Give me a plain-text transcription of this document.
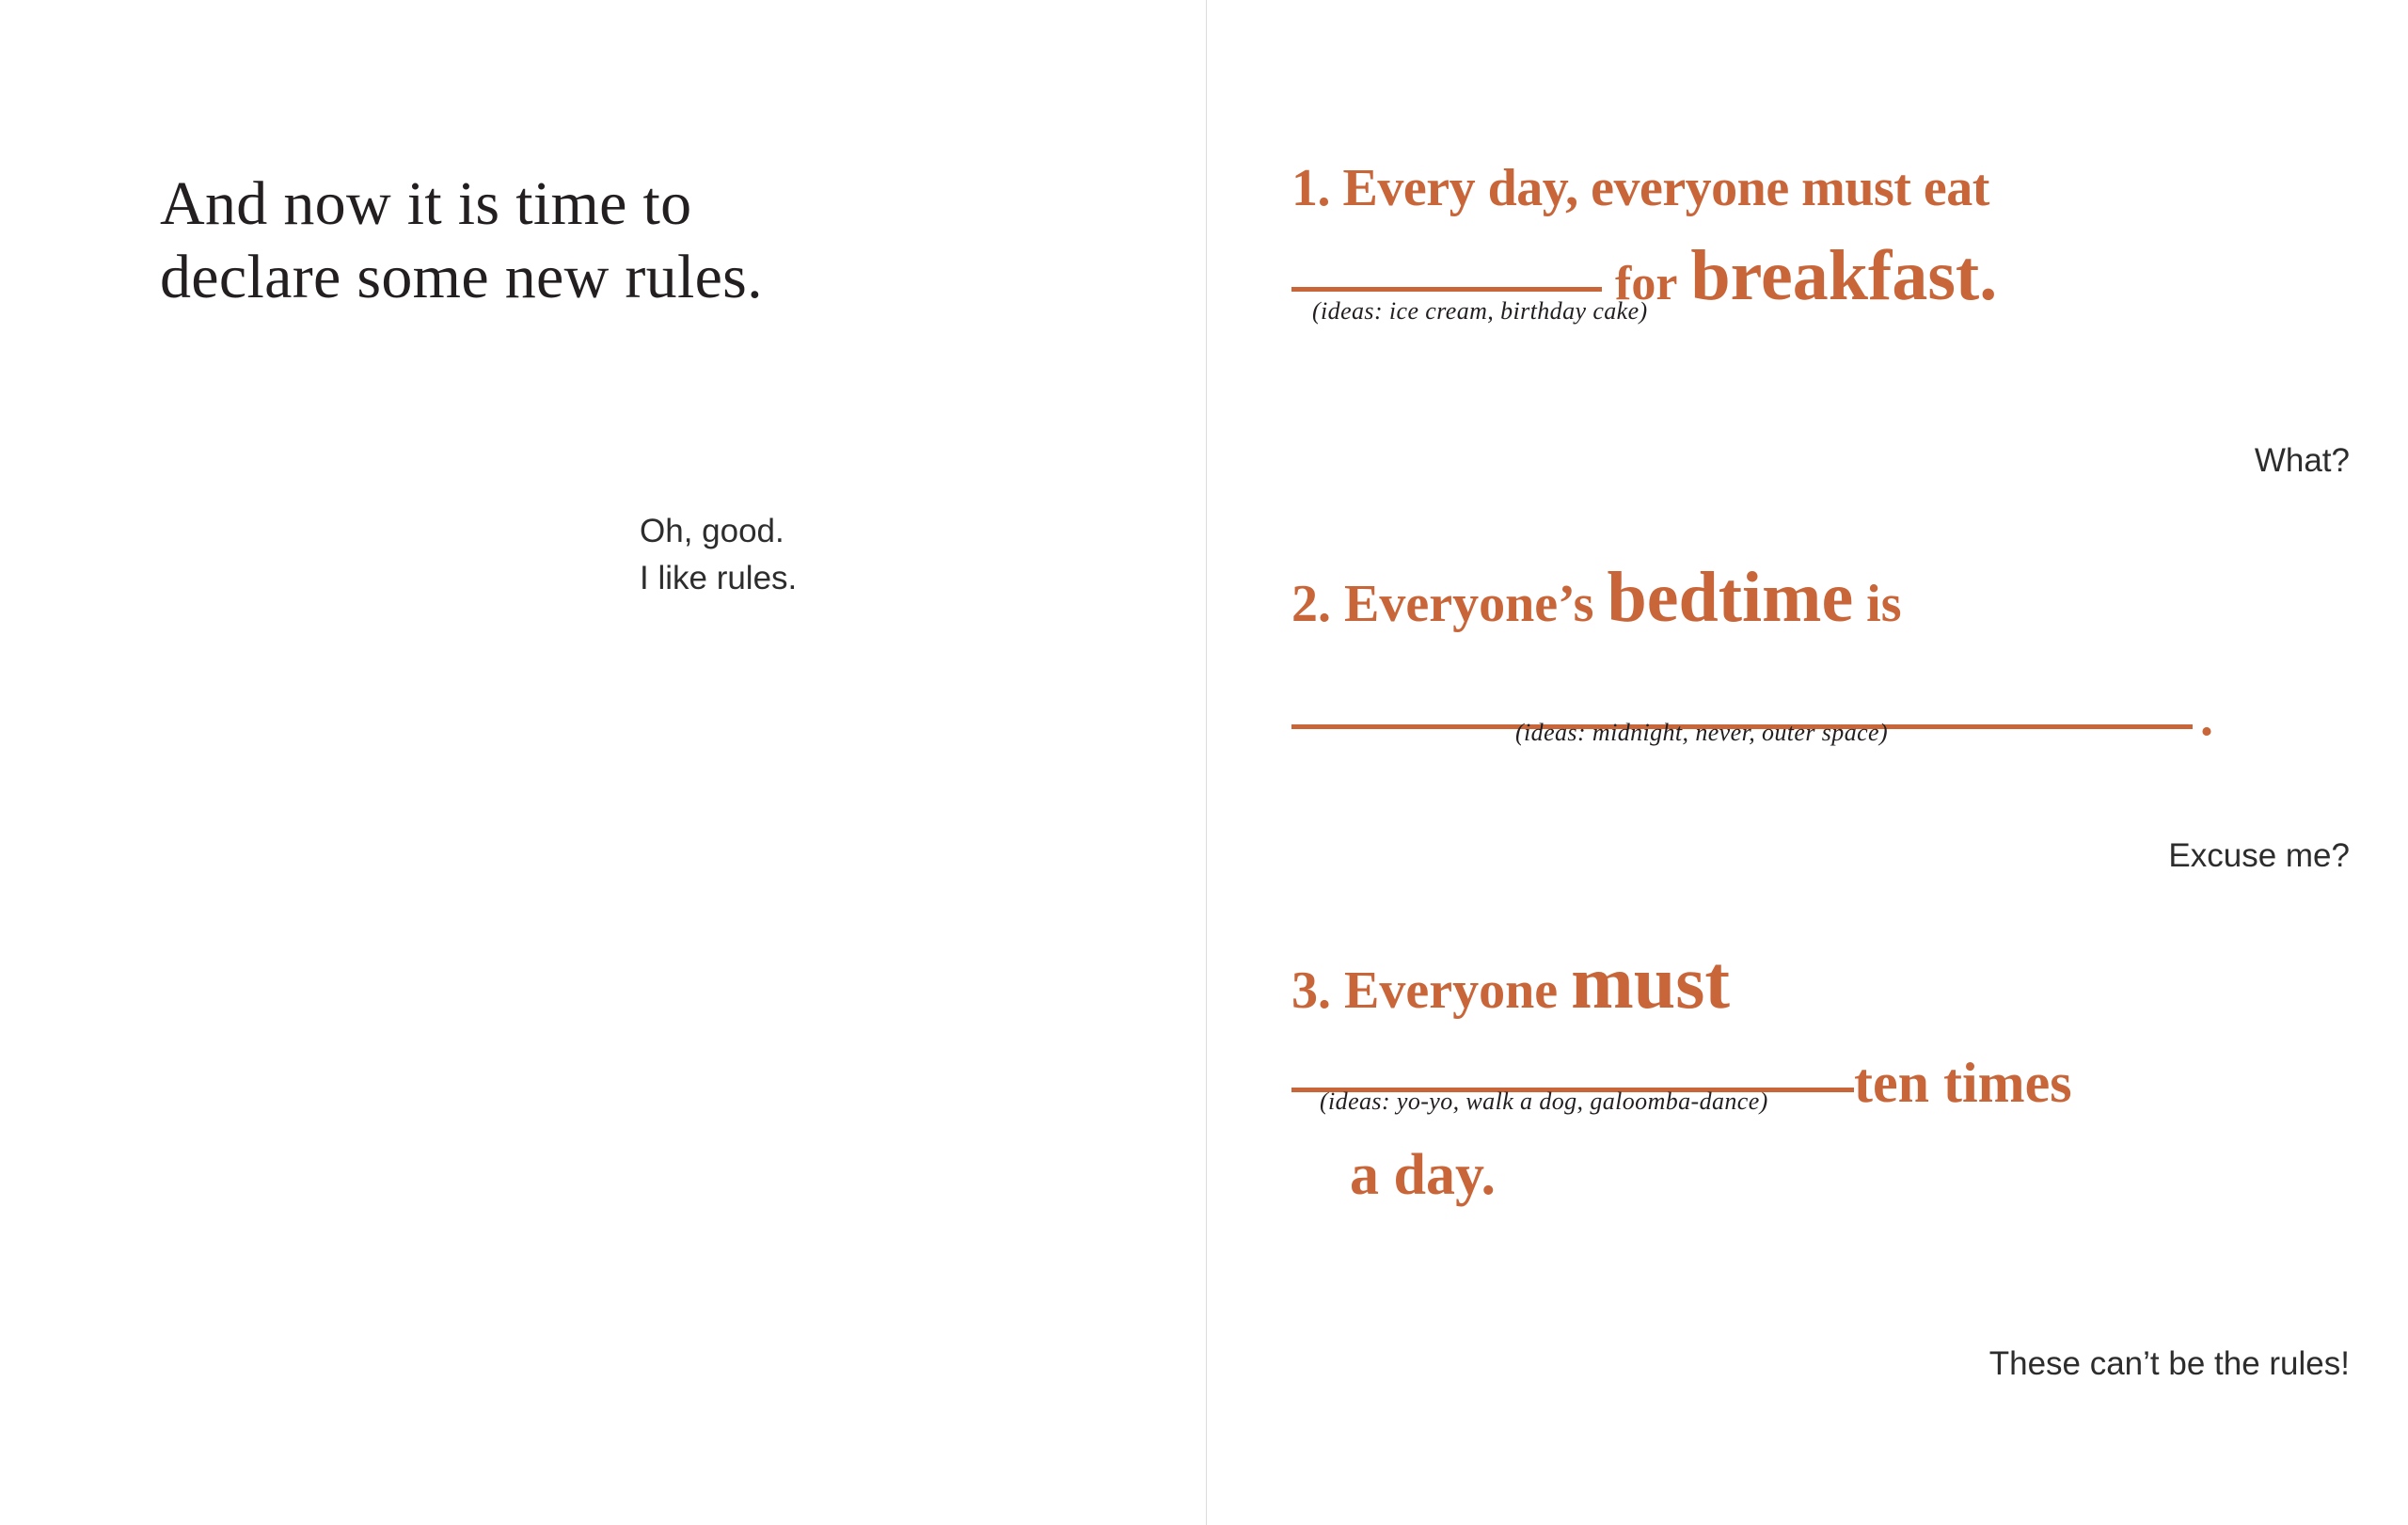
And now it is time to
declare some new rules.
Oh, good.
I like rules.
1. Every day, everyone must eat
for breakfast.
(ideas: ice cream, birthday cake)
2. Everyone’s bedtime is
.
(ideas: midnight, never, outer space)
3. Everyone must
ten times
a day.
(ideas: yo-yo, walk a dog, galoomba-dance)
What?
Excuse me?
These can’t be the rules!
